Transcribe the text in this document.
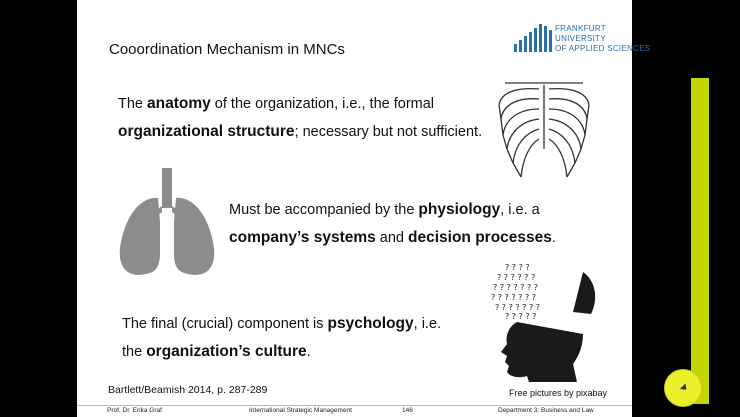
Cooordination Mechanism in MNCs
FRANKFURT
UNIVERSITY
OF APPLIED SCIENCES
The anatomy of the organization, i.e., the formal
organizational structure; necessary but not sufficient.
Must be accompanied by the physiology, i.e. a
company’s systems and decision processes.
? ? ? ?
? ? ? ? ? ?
? ? ? ? ? ? ?
? ? ? ? ? ? ?
? ? ? ? ? ? ?
? ? ? ? ?
The final (crucial) component is psychology, i.e.
the organization’s culture.
Bartlett/Beamish 2014, p. 287-289	Free pictures by pixabay
Prof. Dr. Erika Graf	International Strategic Management	146	Department 3: Business and Law
